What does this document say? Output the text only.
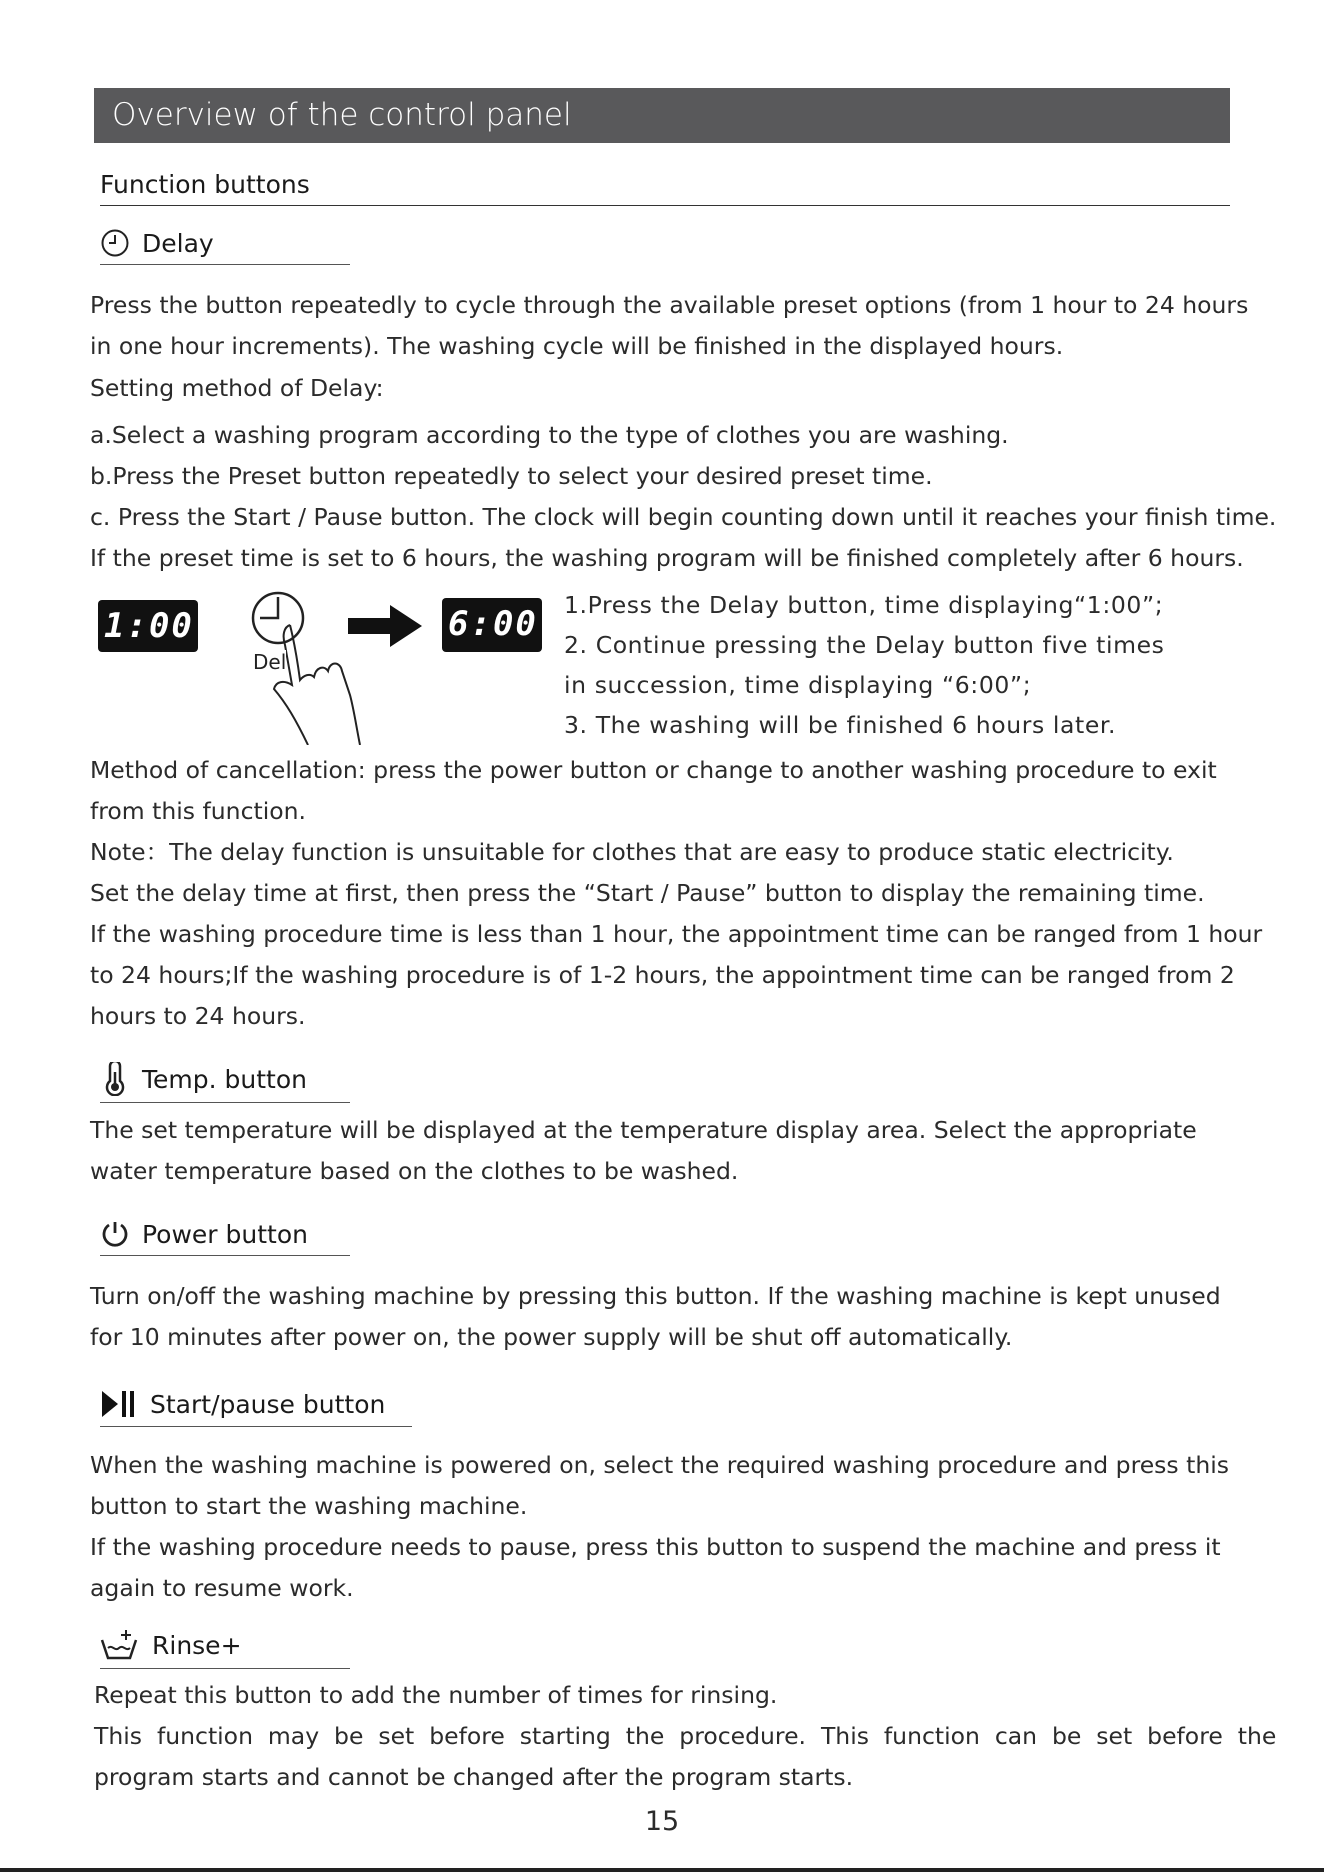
Overview of the control panel
Function buttons
Delay
Press the button repeatedly to cycle through the available preset options (from 1 hour to 24 hours
in one hour increments). The washing cycle will be finished in the displayed hours.
Setting method of Delay:
a.Select a washing program according to the type of clothes you are washing.
b.Press the Preset button repeatedly to select your desired preset time.
c. Press the Start / Pause button. The clock will begin counting down until it reaches your finish time.
If the preset time is set to 6 hours, the washing program will be finished completely after 6 hours.
1:00
Del
6:00 1.Press the Delay button, time displaying“1:00”;
2. Continue pressing the Delay button five times
in succession, time displaying “6:00”;
3. The washing will be finished 6 hours later.
Method of cancellation: press the power button or change to another washing procedure to exit
from this function.
Note：The delay function is unsuitable for clothes that are easy to produce static electricity.
Set the delay time at first, then press the “Start / Pause” button to display the remaining time.
If the washing procedure time is less than 1 hour, the appointment time can be ranged from 1 hour
to 24 hours;If the washing procedure is of 1-2 hours, the appointment time can be ranged from 2
hours to 24 hours.
Temp. button
The set temperature will be displayed at the temperature display area. Select the appropriate
water temperature based on the clothes to be washed.
Power button
Turn on/off the washing machine by pressing this button. If the washing machine is kept unused
for 10 minutes after power on, the power supply will be shut off automatically.
Start/pause button
When the washing machine is powered on, select the required washing procedure and press this
button to start the washing machine.
If the washing procedure needs to pause, press this button to suspend the machine and press it
again to resume work.
Rinse+
Repeat this button to add the number of times for rinsing.
This  function  may  be  set  before  starting  the  procedure.  This  function  can  be  set  before  the
program starts and cannot be changed after the program starts.
15
